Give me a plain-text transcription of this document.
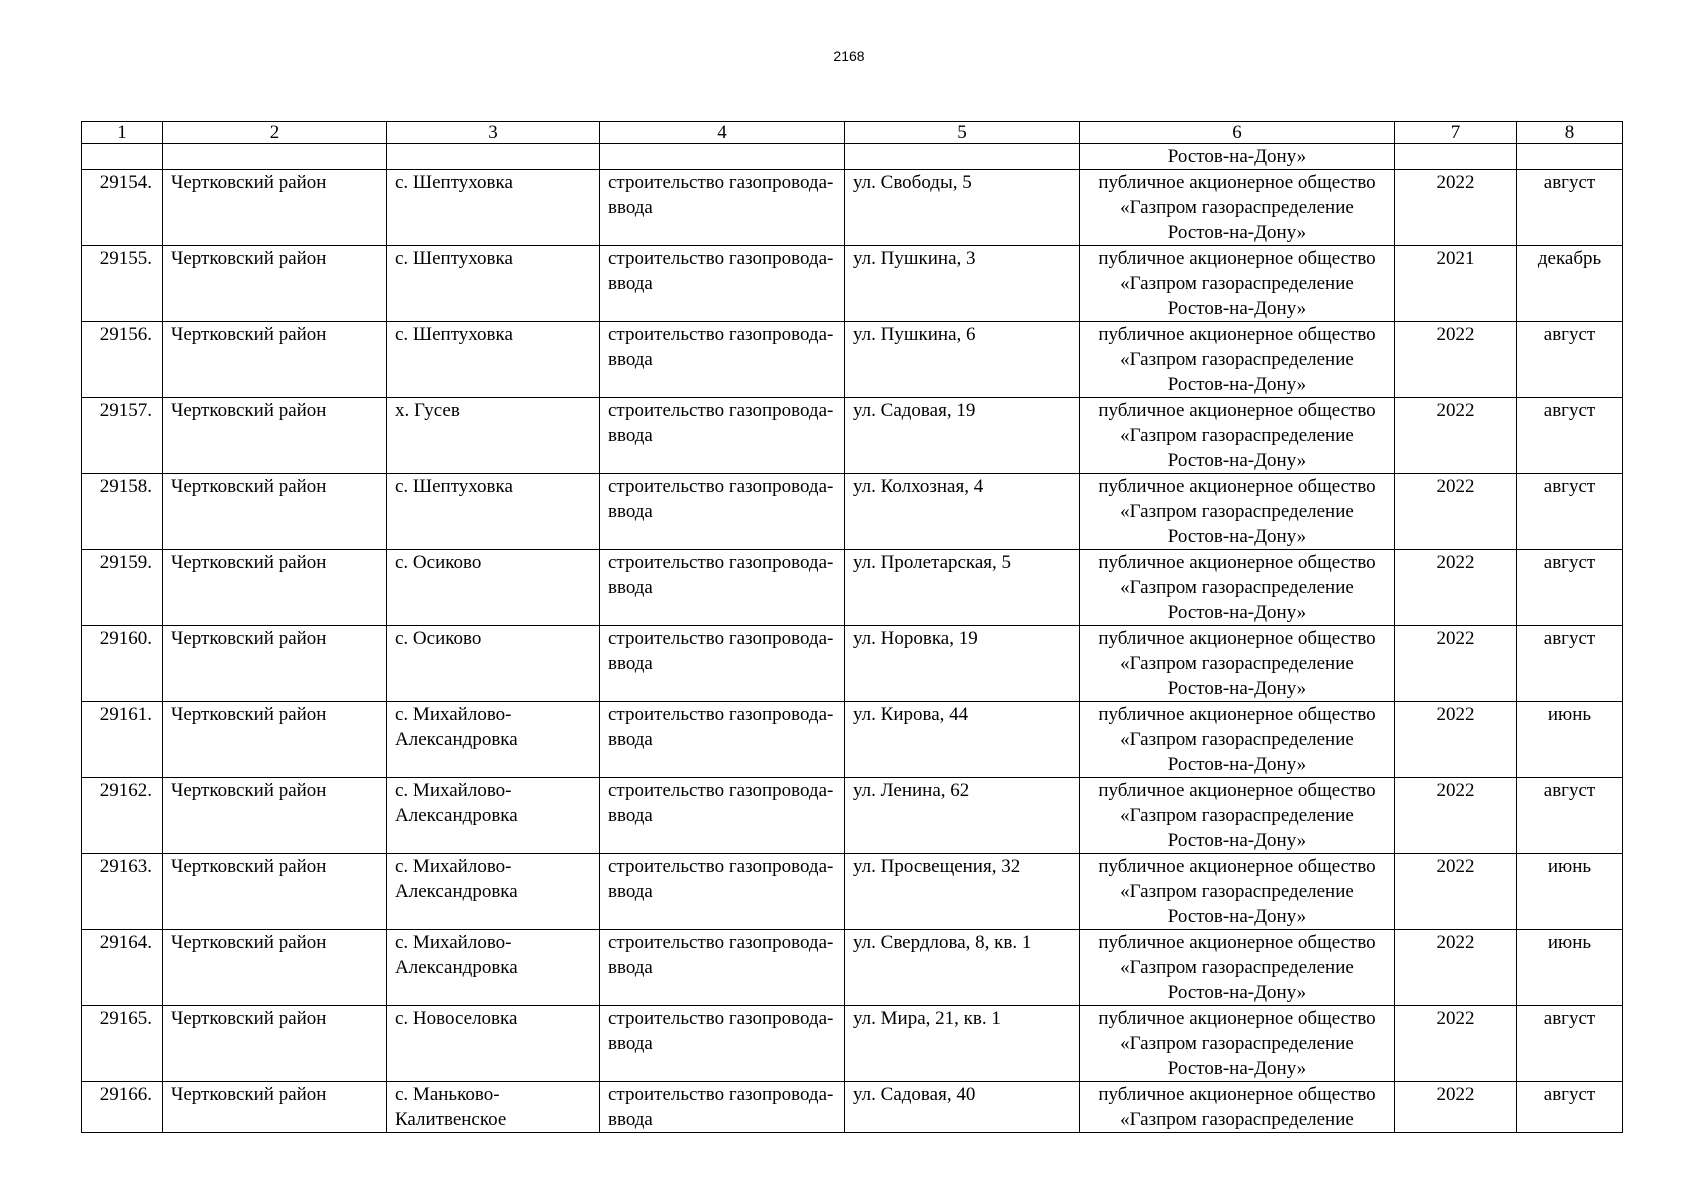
2168
1	2	3	4	5	6	7	8
					Ростов-на-Дону»		
29154.	Чертковский район	с. Шептуховка	строительство газопровода-ввода	ул. Свободы, 5	публичное акционерное общество «Газпром газораспределение Ростов-на-Дону»	2022	август
29155.	Чертковский район	с. Шептуховка	строительство газопровода-ввода	ул. Пушкина, 3	публичное акционерное общество «Газпром газораспределение Ростов-на-Дону»	2021	декабрь
29156.	Чертковский район	с. Шептуховка	строительство газопровода-ввода	ул. Пушкина, 6	публичное акционерное общество «Газпром газораспределение Ростов-на-Дону»	2022	август
29157.	Чертковский район	х. Гусев	строительство газопровода-ввода	ул. Садовая, 19	публичное акционерное общество «Газпром газораспределение Ростов-на-Дону»	2022	август
29158.	Чертковский район	с. Шептуховка	строительство газопровода-ввода	ул. Колхозная, 4	публичное акционерное общество «Газпром газораспределение Ростов-на-Дону»	2022	август
29159.	Чертковский район	с. Осиково	строительство газопровода-ввода	ул. Пролетарская, 5	публичное акционерное общество «Газпром газораспределение Ростов-на-Дону»	2022	август
29160.	Чертковский район	с. Осиково	строительство газопровода-ввода	ул. Норовка, 19	публичное акционерное общество «Газпром газораспределение Ростов-на-Дону»	2022	август
29161.	Чертковский район	с. Михайлово-Александровка	строительство газопровода-ввода	ул. Кирова, 44	публичное акционерное общество «Газпром газораспределение Ростов-на-Дону»	2022	июнь
29162.	Чертковский район	с. Михайлово-Александровка	строительство газопровода-ввода	ул. Ленина, 62	публичное акционерное общество «Газпром газораспределение Ростов-на-Дону»	2022	август
29163.	Чертковский район	с. Михайлово-Александровка	строительство газопровода-ввода	ул. Просвещения, 32	публичное акционерное общество «Газпром газораспределение Ростов-на-Дону»	2022	июнь
29164.	Чертковский район	с. Михайлово-Александровка	строительство газопровода-ввода	ул. Свердлова, 8, кв. 1	публичное акционерное общество «Газпром газораспределение Ростов-на-Дону»	2022	июнь
29165.	Чертковский район	с. Новоселовка	строительство газопровода-ввода	ул. Мира, 21, кв. 1	публичное акционерное общество «Газпром газораспределение Ростов-на-Дону»	2022	август
29166.	Чертковский район	с. Маньково-Калитвенское	строительство газопровода-ввода	ул. Садовая, 40	публичное акционерное общество «Газпром газораспределение	2022	август
